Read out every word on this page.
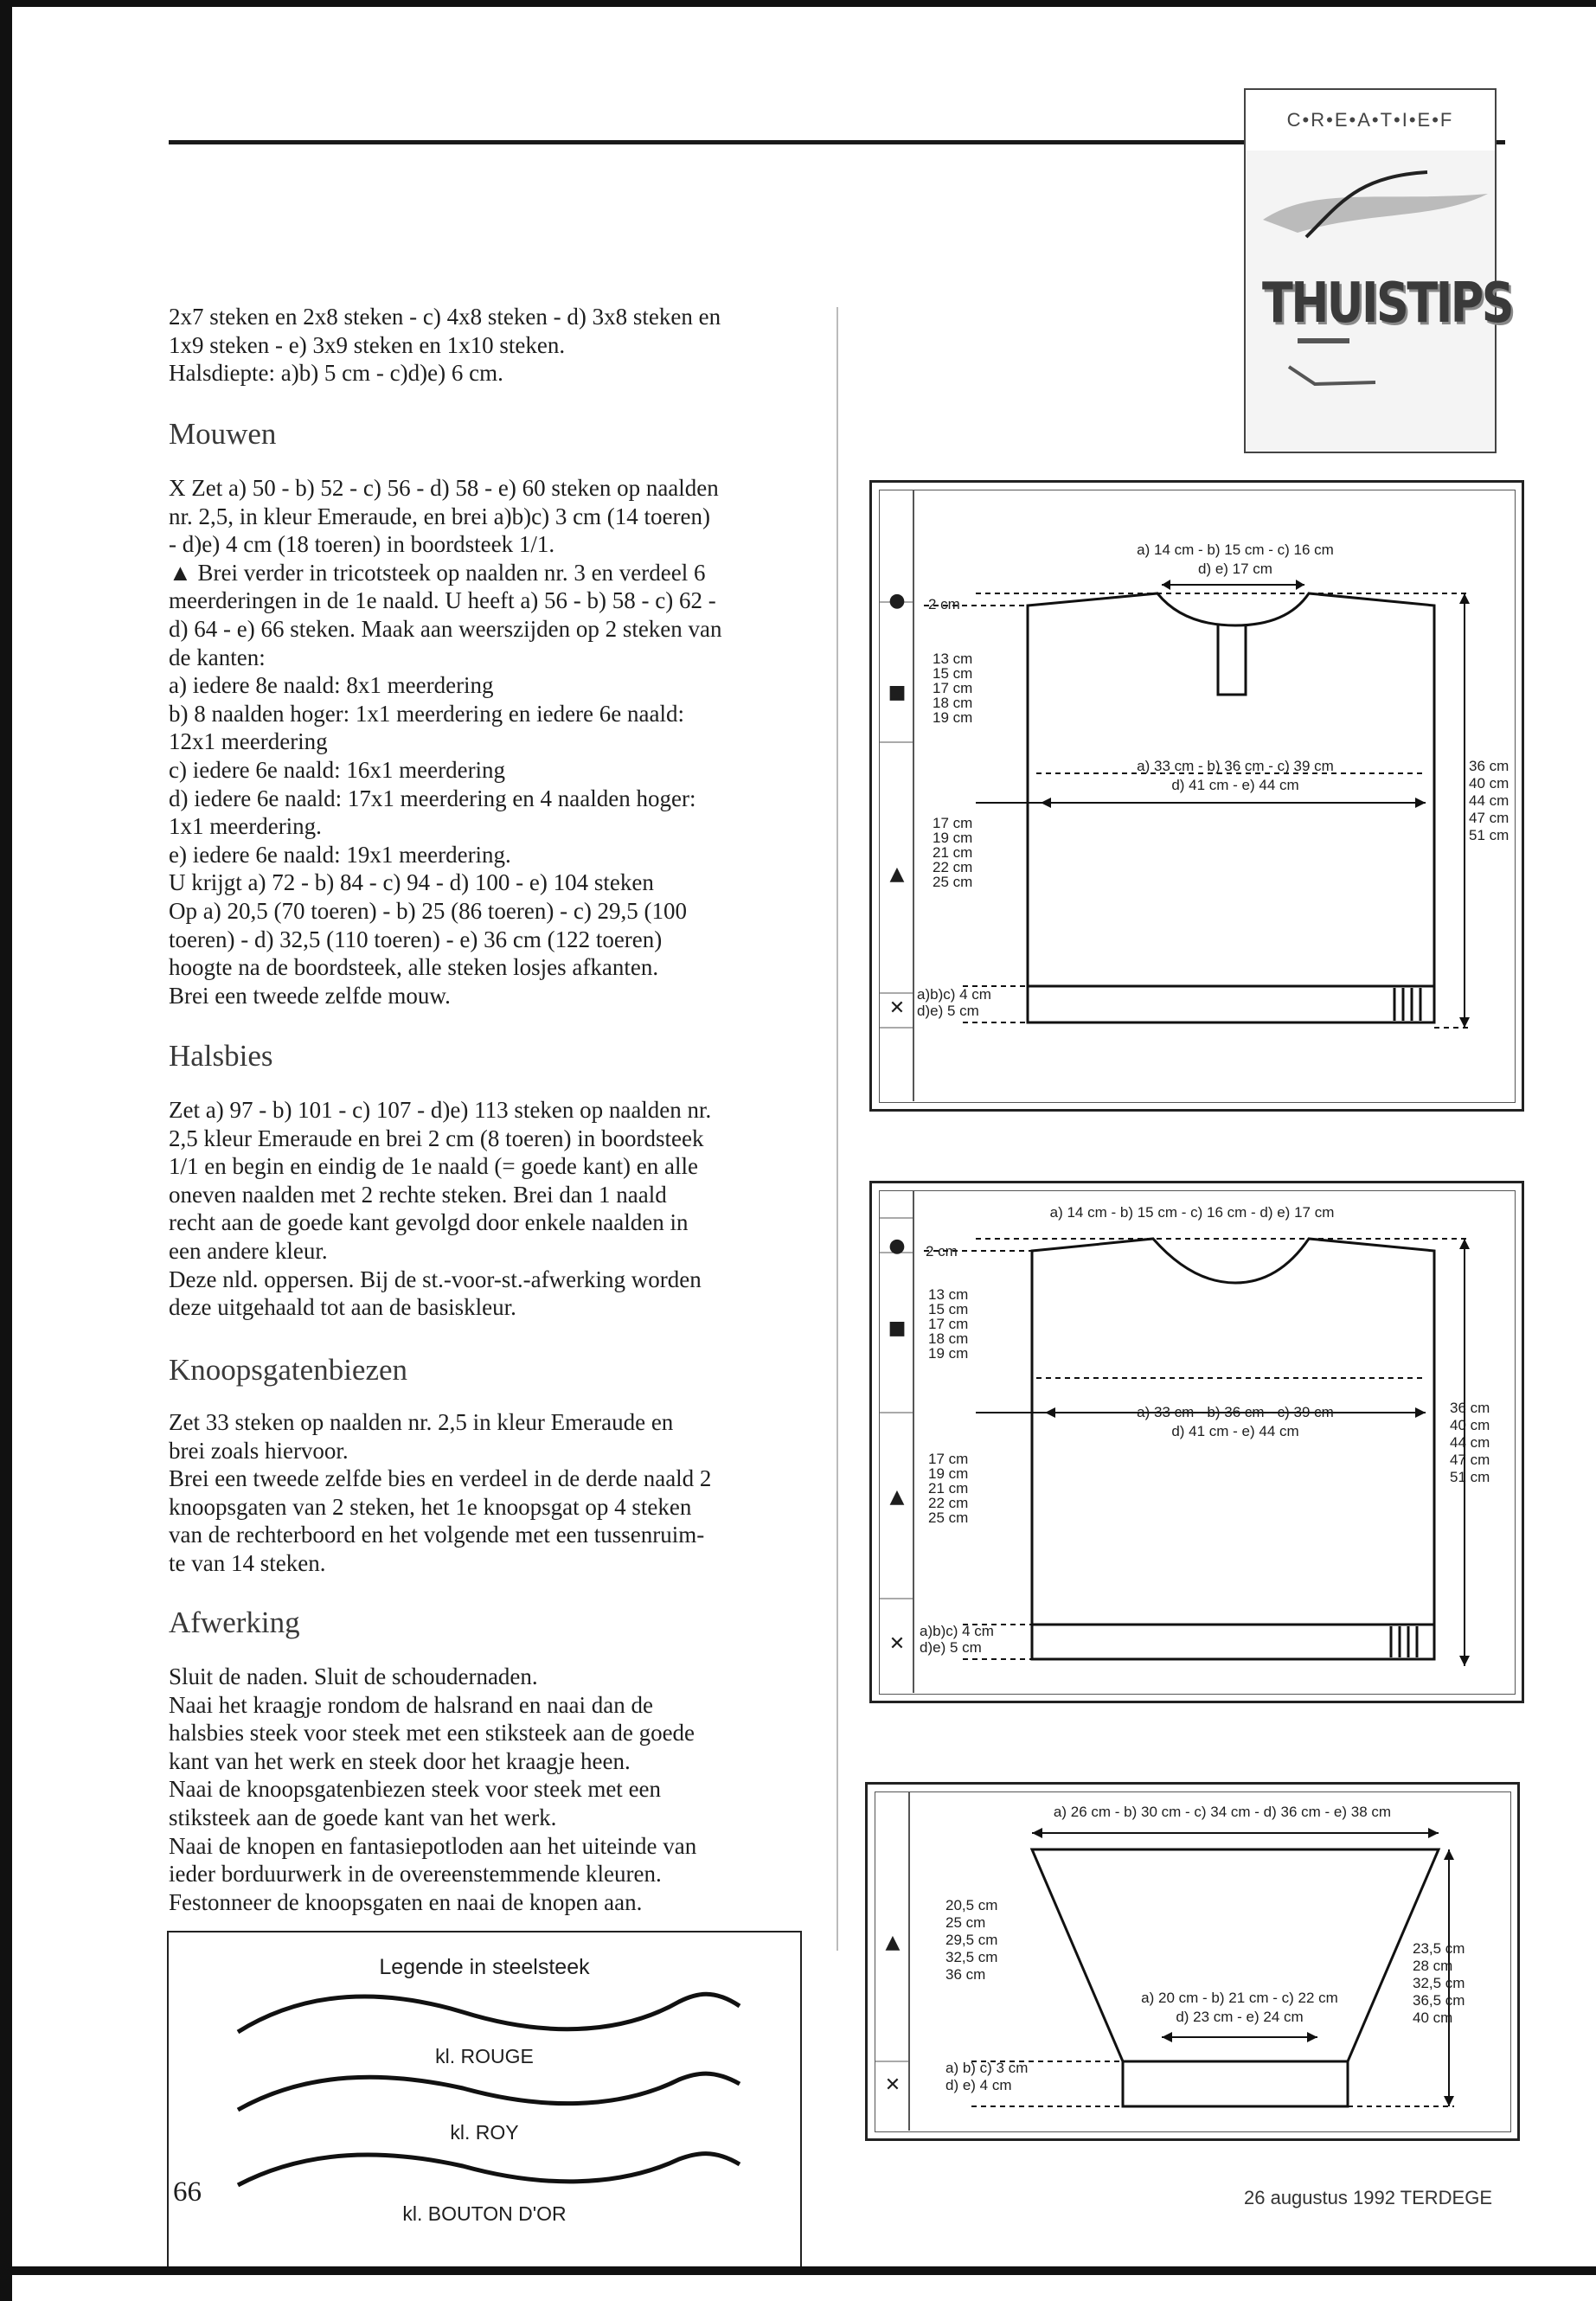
C•R•E•A•T•I•E•F
THUISTIPS

2x7 steken en 2x8 steken - c) 4x8 steken - d) 3x8 steken en

1x9 steken - e) 3x9 steken en 1x10 steken.

Halsdiepte: a)b) 5 cm - c)d)e) 6 cm.

Mouwen

X Zet a) 50 - b) 52 - c) 56 - d) 58 - e) 60 steken op naalden

nr. 2,5, in kleur Emeraude, en brei a)b)c) 3 cm (14 toeren)

- d)e) 4 cm (18 toeren) in boordsteek 1/1.

▲ Brei verder in tricotsteek op naalden nr. 3 en verdeel 6

meerderingen in de 1e naald. U heeft a) 56 - b) 58 - c) 62 -

d) 64 - e) 66 steken. Maak aan weerszijden op 2 steken van

de kanten:

a) iedere 8e naald: 8x1 meerdering

b) 8 naalden hoger: 1x1 meerdering en iedere 6e naald:

12x1 meerdering

c) iedere 6e naald: 16x1 meerdering

d) iedere 6e naald: 17x1 meerdering en 4 naalden hoger:

1x1 meerdering.

e) iedere 6e naald: 19x1 meerdering.

U krijgt a) 72 - b) 84 - c) 94 - d) 100 - e) 104 steken

Op a) 20,5 (70 toeren) - b) 25 (86 toeren) - c) 29,5 (100

toeren) - d) 32,5 (110 toeren) - e) 36 cm (122 toeren)

hoogte na de boordsteek, alle steken losjes afkanten.

Brei een tweede zelfde mouw.

Halsbies

Zet a) 97 - b) 101 - c) 107 - d)e) 113 steken op naalden nr.

2,5 kleur Emeraude en brei 2 cm (8 toeren) in boordsteek

1/1 en begin en eindig de 1e naald (= goede kant) en alle

oneven naalden met 2 rechte steken. Brei dan 1 naald

recht aan de goede kant gevolgd door enkele naalden in

een andere kleur.

Deze nld. oppersen. Bij de st.-voor-st.-afwerking worden

deze uitgehaald tot aan de basiskleur.

Knoopsgatenbiezen

Zet 33 steken op naalden nr. 2,5 in kleur Emeraude en

brei zoals hiervoor.

Brei een tweede zelfde bies en verdeel in de derde naald 2

knoopsgaten van 2 steken, het 1e knoopsgat op 4 steken

van de rechterboord en het volgende met een tussenruim-

te van 14 steken.

Afwerking

Sluit de naden. Sluit de schoudernaden.

Naai het kraagje rondom de halsrand en naai dan de

halsbies steek voor steek met een stiksteek aan de goede

kant van het werk en steek door het kraagje heen.

Naai de knoopsgatenbiezen steek voor steek met een

stiksteek aan de goede kant van het werk.

Naai de knopen en fantasiepotloden aan het uiteinde van

ieder borduurwerk in de overeenstemmende kleuren.

Festonneer de knoopsgaten en naai de knopen aan.

Legende in steelsteek
kl. ROUGE
kl. ROY
kl. BOUTON D'OR
66	26 augustus 1992 TERDEGE
●
■
▲
✕
a) 14 cm - b) 15 cm - c) 16 cm
d) e) 17 cm
2 cm
13 cm
15 cm
17 cm
18 cm
19 cm
a) 33 cm - b) 36 cm - c) 39 cm
d) 41 cm - e) 44 cm
17 cm
19 cm
21 cm
22 cm
25 cm
36 cm
40 cm
44 cm
47 cm
51 cm
a)b)c) 4 cm
d)e) 5 cm
●
■
▲
✕
a) 14 cm - b) 15 cm - c) 16 cm - d) e) 17 cm
2 cm
13 cm
15 cm
17 cm
18 cm
19 cm
a) 33 cm - b) 36 cm - c) 39 cm
d) 41 cm - e) 44 cm
17 cm
19 cm
21 cm
22 cm
25 cm
36 cm
40 cm
44 cm
47 cm
51 cm
a)b)c) 4 cm
d)e) 5 cm
▲
✕
a) 26 cm - b) 30 cm - c) 34 cm - d) 36 cm - e) 38 cm
20,5 cm
25 cm
29,5 cm
32,5 cm
36 cm
23,5 cm
28 cm
32,5 cm
36,5 cm
40 cm
a) 20 cm - b) 21 cm - c) 22 cm
d) 23 cm - e) 24 cm
a) b) c) 3 cm
d) e) 4 cm
